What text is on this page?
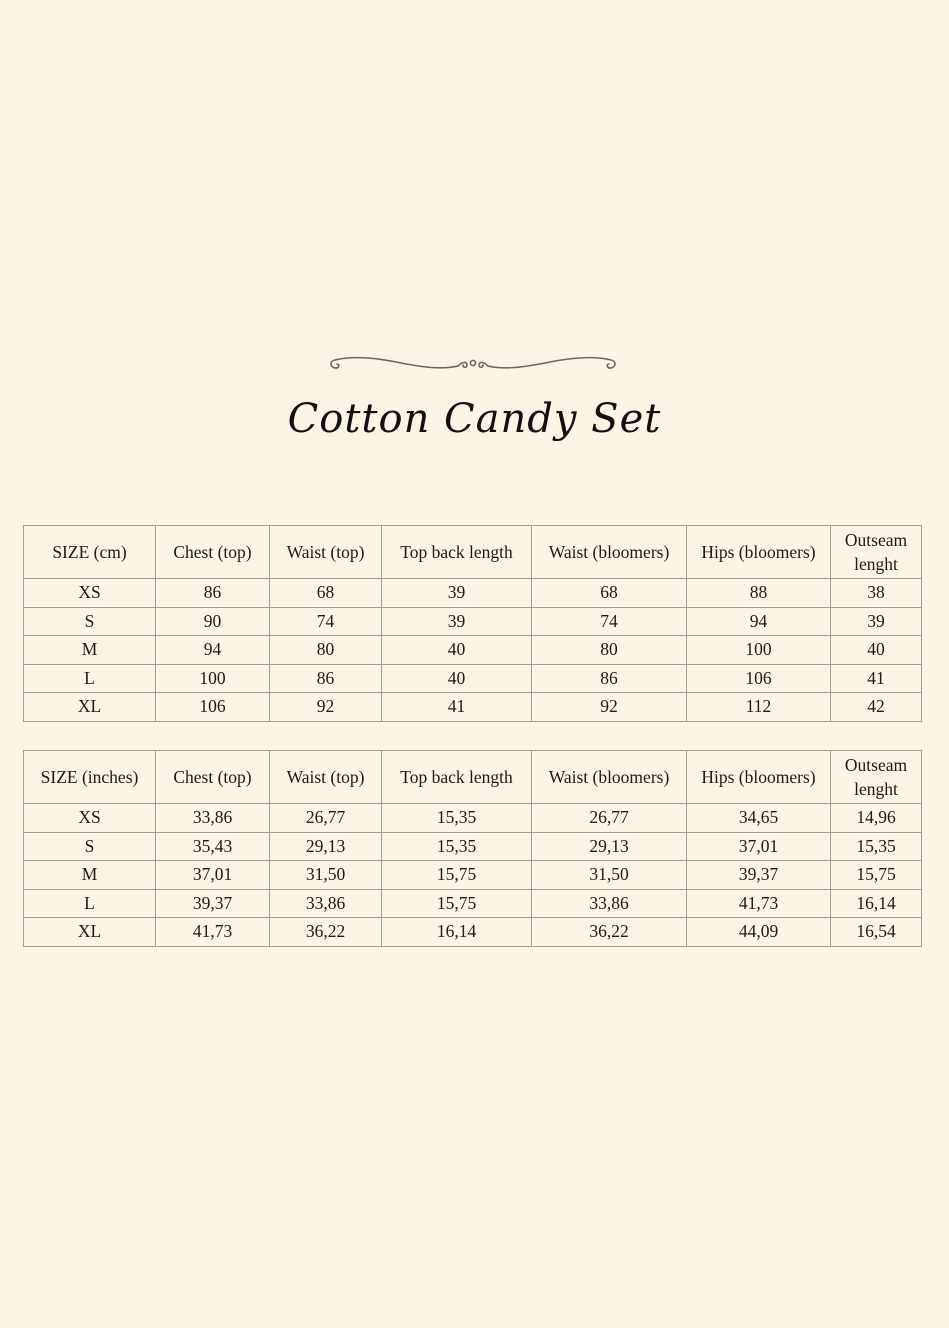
Cotton Candy Set
SIZE (cm)	Chest (top)	Waist (top)	Top back length	Waist (bloomers)	Hips (bloomers)	Outseam lenght
XS	86	68	39	68	88	38
S	90	74	39	74	94	39
M	94	80	40	80	100	40
L	100	86	40	86	106	41
XL	106	92	41	92	112	42
SIZE (inches)	Chest (top)	Waist (top)	Top back length	Waist (bloomers)	Hips (bloomers)	Outseam lenght
XS	33,86	26,77	15,35	26,77	34,65	14,96
S	35,43	29,13	15,35	29,13	37,01	15,35
M	37,01	31,50	15,75	31,50	39,37	15,75
L	39,37	33,86	15,75	33,86	41,73	16,14
XL	41,73	36,22	16,14	36,22	44,09	16,54
